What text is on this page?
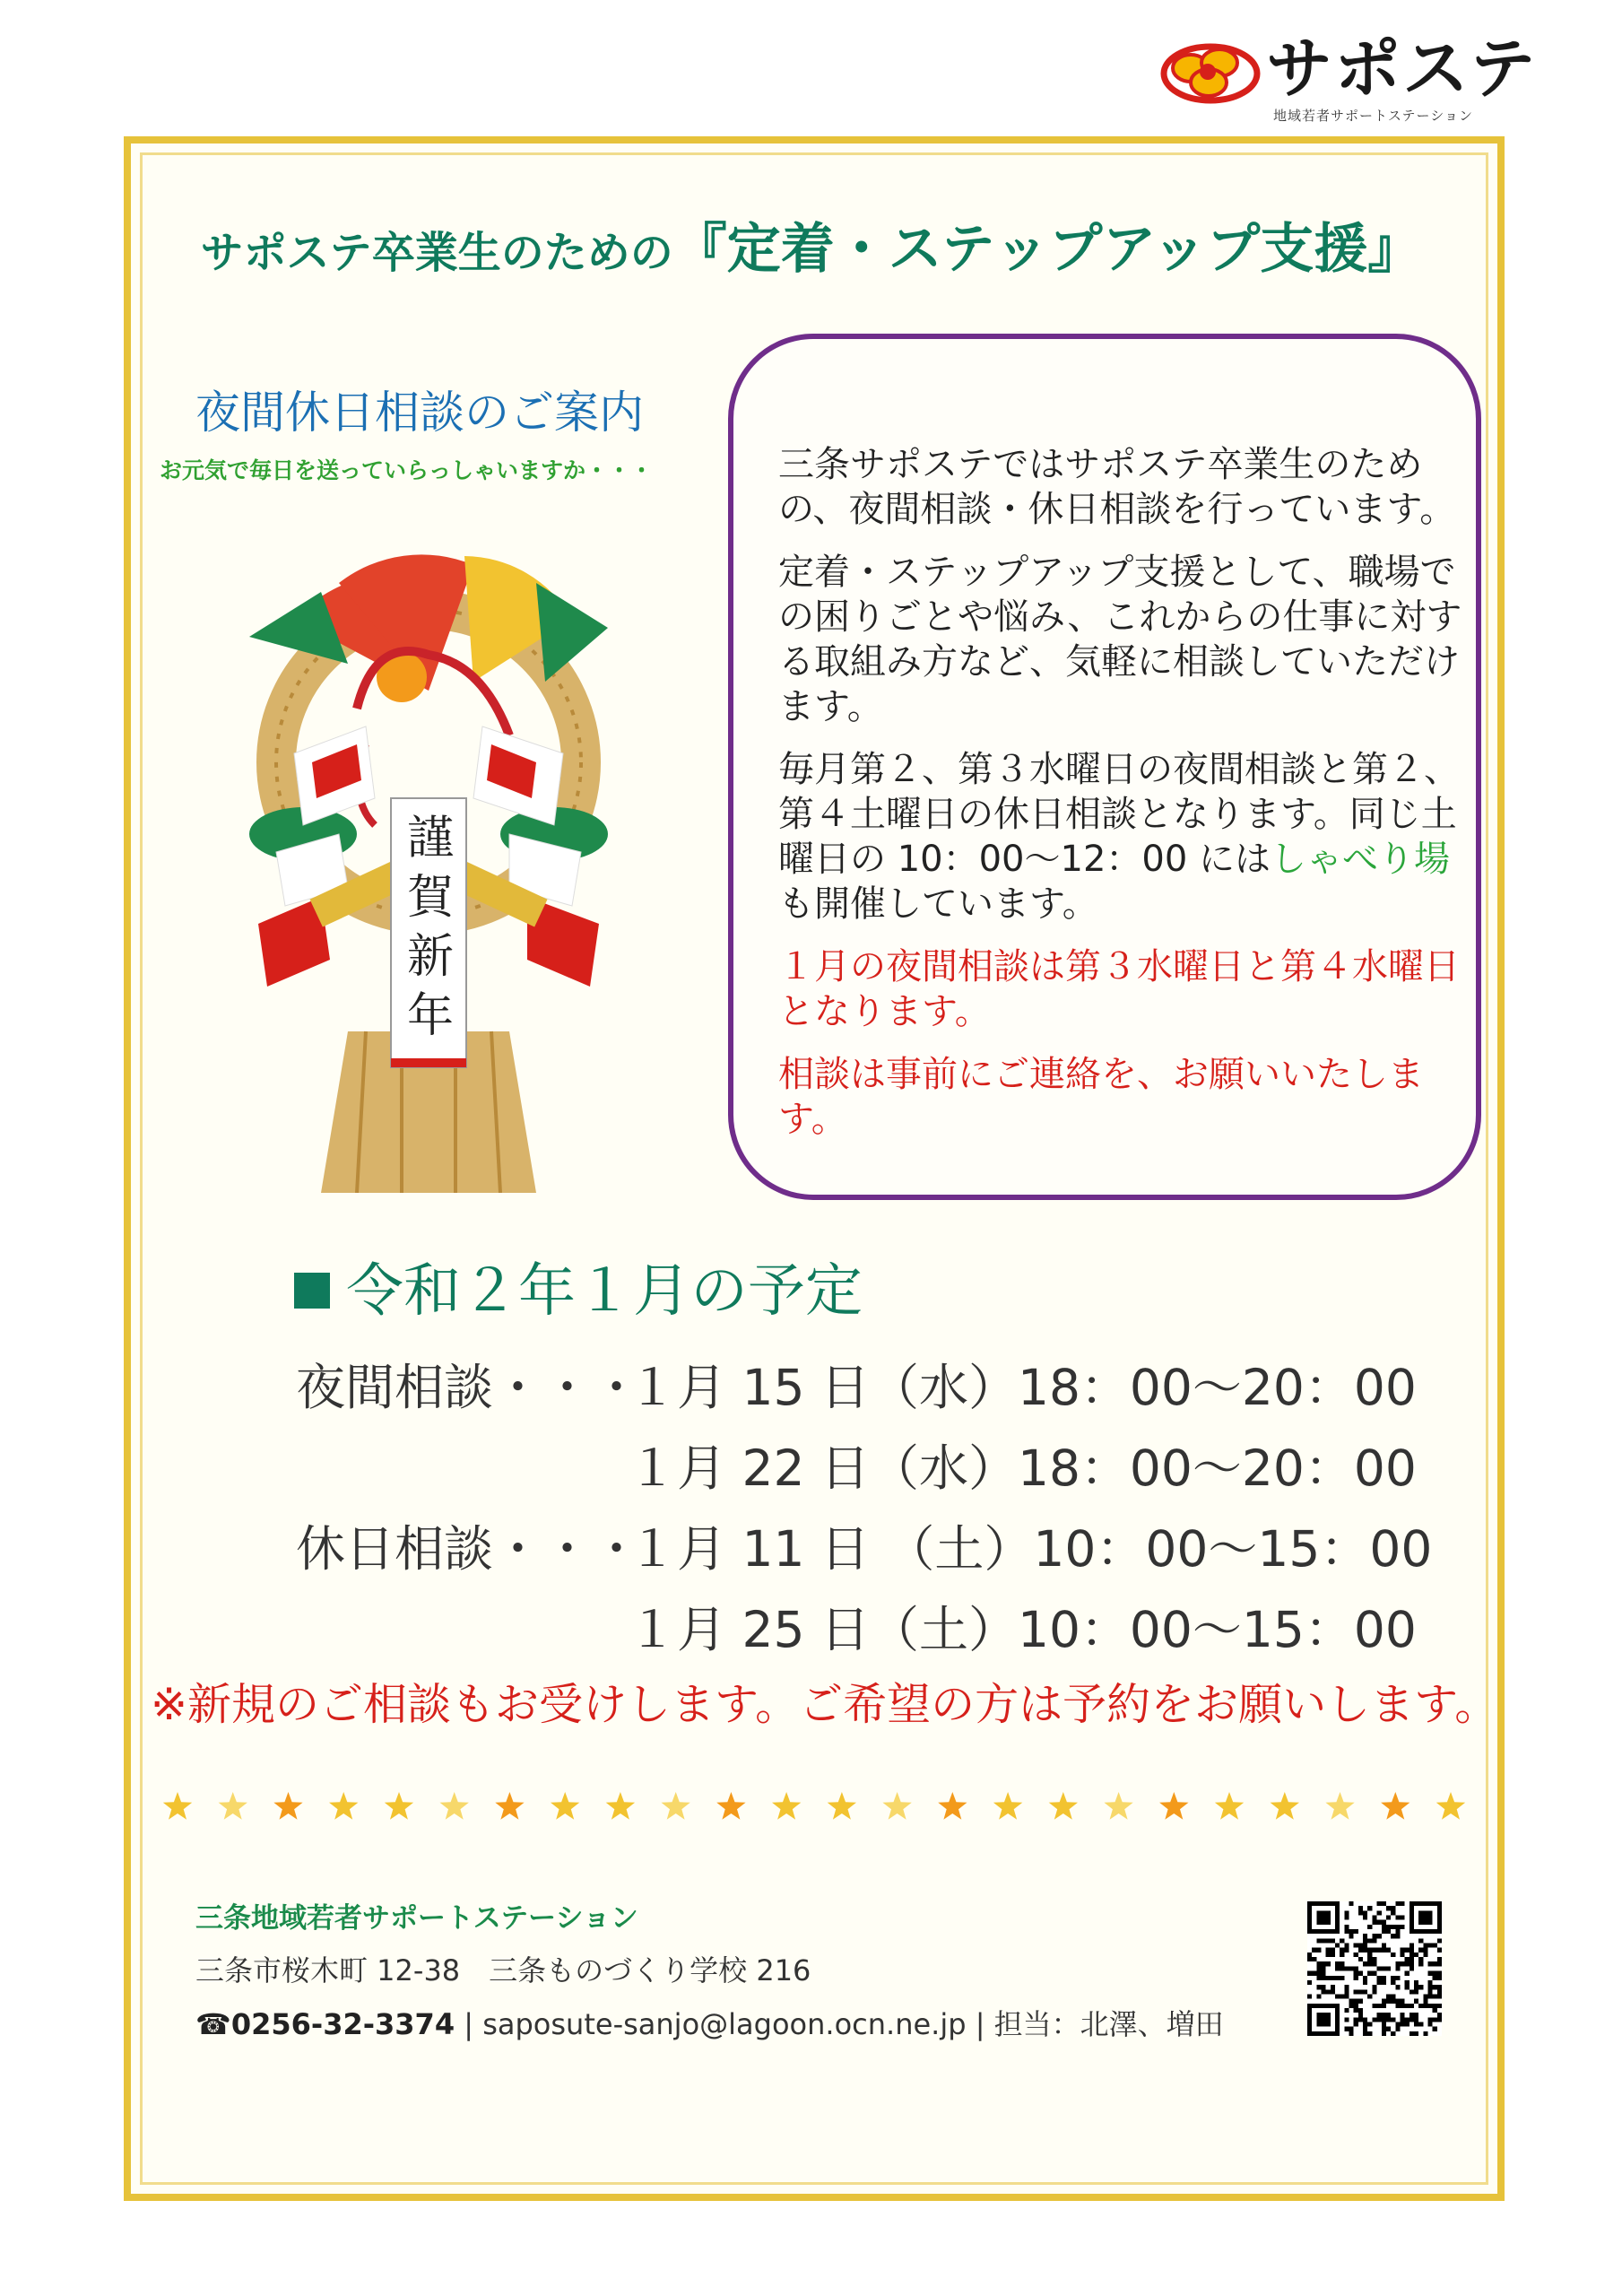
サポステ
地域若者サポートステーション
サポステ卒業生のための『定着・ステップアップ支援』
夜間休日相談のご案内
お元気で毎日を送っていらっしゃいますか・・・
謹賀新年

三条サポステではサポステ卒業生のための、夜間相談・休日相談を行っています。

定着・ステップアップ支援として、職場での困りごとや悩み、これからの仕事に対する取組み方など、気軽に相談していただけます。

毎月第２、第３水曜日の夜間相談と第２、第４土曜日の休日相談となります。同じ土曜日の 10：00～12：00 にはしゃべり場も開催しています。

１月の夜間相談は第３水曜日と第４水曜日となります。

相談は事前にご連絡を、お願いいたします。

令和２年１月の予定
夜間相談・・・
１月 15 日（水）18：00～20：00
１月 22 日（水）18：00～20：00
休日相談・・・
１月 11 日 （土）10：00～15：00
１月 25 日（土）10：00～15：00
※新規のご相談もお受けします。ご希望の方は予約をお願いします。
三条地域若者サポートステーション
三条市桜木町 12-38　三条ものづくり学校 216
☎0256-32-3374 | saposute-sanjo@lagoon.ocn.ne.jp | 担当：北澤、増田
